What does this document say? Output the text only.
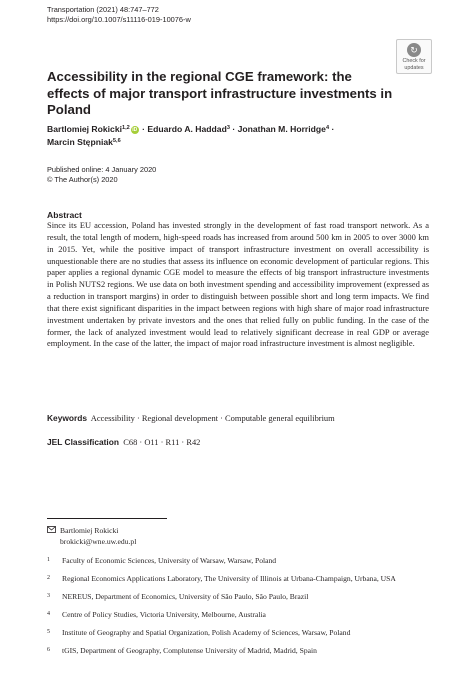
Transportation (2021) 48:747–772
https://doi.org/10.1007/s11116-019-10076-w
↻
Check for
updates
Accessibility in the regional CGE framework: the effects of major transport infrastructure investments in Poland
Bartlomiej Rokicki$^{1,2}$ iD · Eduardo A. Haddad$^3$ · Jonathan M. Horridge$^4$ ·
Marcin Stępniak$^{5,6}$
Published online: 4 January 2020
© The Author(s) 2020
Abstract
Since its EU accession, Poland has invested strongly in the development of fast road transport network. As a result, the total length of modern, high-speed roads has increased from around 500 km in 2005 to over 3000 km in 2015. Yet, while the positive impact of transport infrastructure investment on overall accessibility is unquestionable there are no studies that assess its influence on economic development of particular regions. This paper applies a regional dynamic CGE model to measure the effects of big transport infrastructure investments in Polish NUTS2 regions. We use data on both investment spending and accessibility improvement (expressed as a reduction in transport margins) in order to distinguish between possible short and long term impacts. We find that there exist significant disparities in the impact between regions with high share of major road infrastructure investment undertaken by private investors and the ones that relied fully on public funding. In the case of the former, the lack of analyzed investment would lead to relatively significant decrease in real GDP or average employment. In the case of the latter, the impact of major road infrastructure investment is almost negligible.
Keywords Accessibility · Regional development · Computable general equilibrium
JEL Classification C68 · O11 · R11 · R42
Bartlomiej Rokicki
brokicki@wne.uw.edu.pl
1	Faculty of Economic Sciences, University of Warsaw, Warsaw, Poland
2	Regional Economics Applications Laboratory, The University of Illinois at Urbana-Champaign, Urbana, USA
3	NEREUS, Department of Economics, University of São Paulo, São Paulo, Brazil
4	Centre of Policy Studies, Victoria University, Melbourne, Australia
5	Institute of Geography and Spatial Organization, Polish Academy of Sciences, Warsaw, Poland
6	tGIS, Department of Geography, Complutense University of Madrid, Madrid, Spain
